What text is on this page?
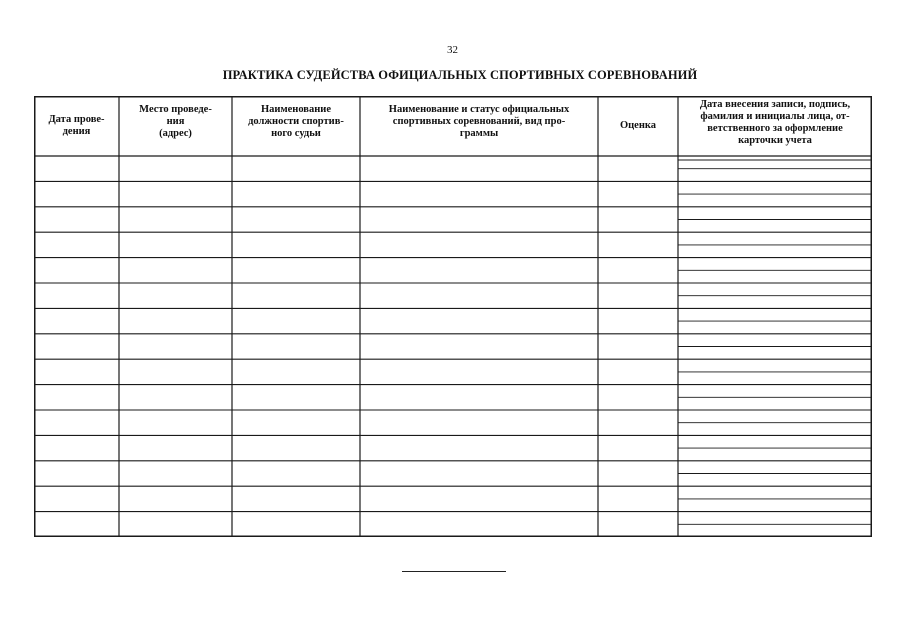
32
ПРАКТИКА СУДЕЙСТВА ОФИЦИАЛЬНЫХ СПОРТИВНЫХ СОРЕВНОВАНИЙ
Дата прове-
дения
Место проведе-
ния
(адрес)
Наименование
должности спортив-
ного судьи
Наименование и статус официальных
спортивных соревнований, вид про-
граммы
Оценка
Дата внесения записи, подпись,
фамилия и инициалы лица, от-
ветственного за оформление
карточки учета
